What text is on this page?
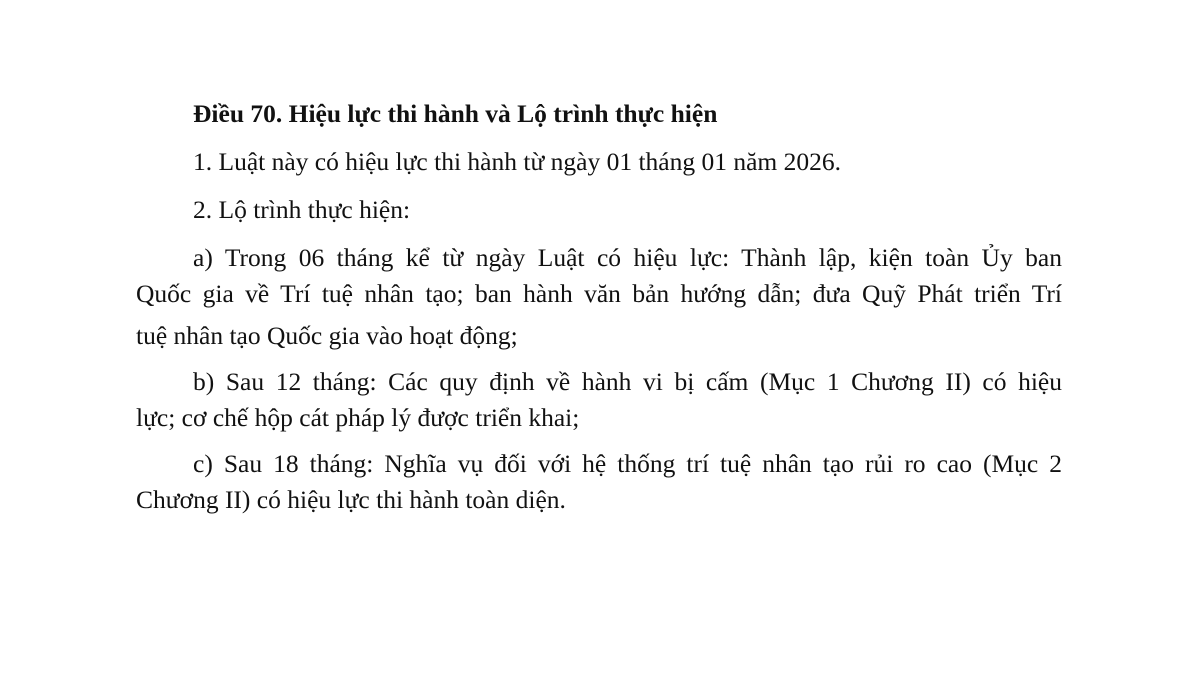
Điều 70. Hiệu lực thi hành và Lộ trình thực hiện

1. Luật này có hiệu lực thi hành từ ngày 01 tháng 01 năm 2026.

2. Lộ trình thực hiện:

a) Trong 06 tháng kể từ ngày Luật có hiệu lực: Thành lập, kiện toàn Ủy ban

Quốc gia về Trí tuệ nhân tạo; ban hành văn bản hướng dẫn; đưa Quỹ Phát triển Trí

tuệ nhân tạo Quốc gia vào hoạt động;

b) Sau 12 tháng: Các quy định về hành vi bị cấm (Mục 1 Chương II) có hiệu

lực; cơ chế hộp cát pháp lý được triển khai;

c) Sau 18 tháng: Nghĩa vụ đối với hệ thống trí tuệ nhân tạo rủi ro cao (Mục 2

Chương II) có hiệu lực thi hành toàn diện.
